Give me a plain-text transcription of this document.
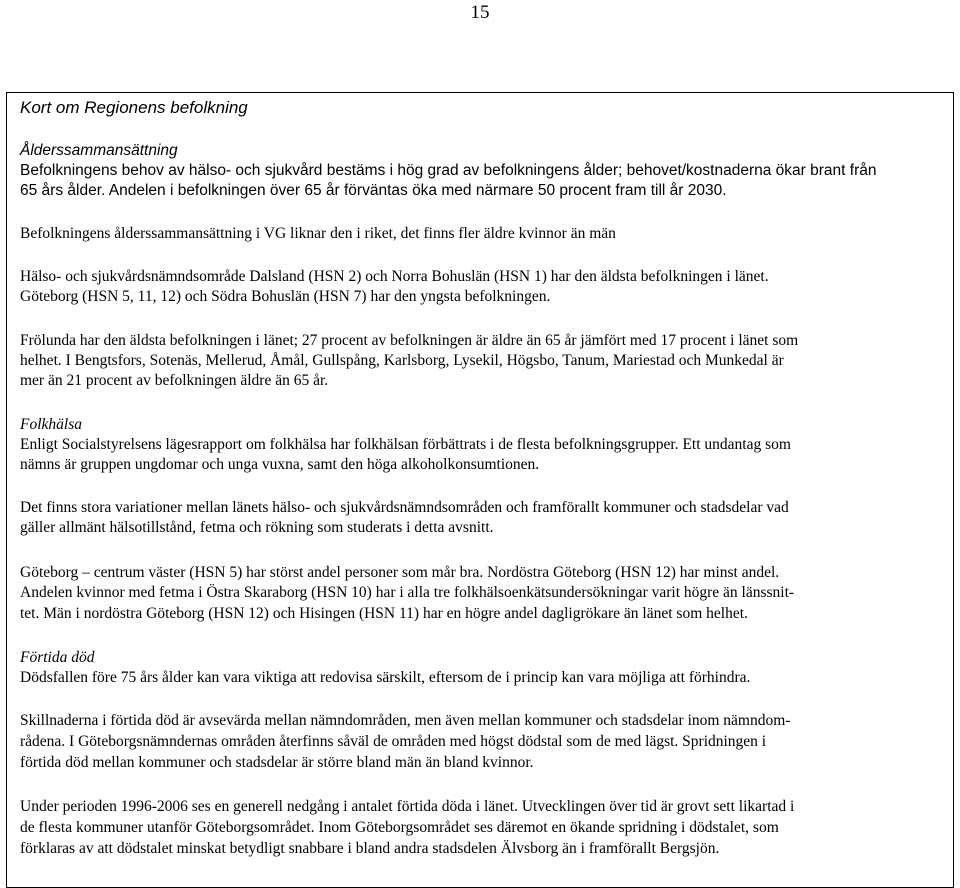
15
Kort om Regionens befolkning
Ålderssammansättning
Befolkningens behov av hälso- och sjukvård bestäms i hög grad av befolkningens ålder; behovet/kostnaderna ökar brant från
65 års ålder. Andelen i befolkningen över 65 år förväntas öka med närmare 50 procent fram till år 2030.
Befolkningens ålderssammansättning i VG liknar den i riket, det finns fler äldre kvinnor än män
Hälso- och sjukvårdsnämndsområde Dalsland (HSN 2) och Norra Bohuslän (HSN 1) har den äldsta befolkningen i länet.
Göteborg (HSN 5, 11, 12) och Södra Bohuslän (HSN 7) har den yngsta befolkningen.
Frölunda har den äldsta befolkningen i länet; 27 procent av befolkningen är äldre än 65 år jämfört med 17 procent i länet som
helhet. I Bengtsfors, Sotenäs, Mellerud, Åmål, Gullspång, Karlsborg, Lysekil, Högsbo, Tanum, Mariestad och Munkedal är
mer än 21 procent av befolkningen äldre än 65 år.
Folkhälsa
Enligt Socialstyrelsens lägesrapport om folkhälsa har folkhälsan förbättrats i de flesta befolkningsgrupper. Ett undantag som
nämns är gruppen ungdomar och unga vuxna, samt den höga alkoholkonsumtionen.
Det finns stora variationer mellan länets hälso- och sjukvårdsnämndsområden och framförallt kommuner och stadsdelar vad
gäller allmänt hälsotillstånd, fetma och rökning som studerats i detta avsnitt.
Göteborg – centrum väster (HSN 5) har störst andel personer som mår bra. Nordöstra Göteborg (HSN 12) har minst andel.
Andelen kvinnor med fetma i Östra Skaraborg (HSN 10) har i alla tre folkhälsoenkätsundersökningar varit högre än länssnit-
tet. Män i nordöstra Göteborg (HSN 12) och Hisingen (HSN 11) har en högre andel dagligrökare än länet som helhet.
Förtida död
Dödsfallen före 75 års ålder kan vara viktiga att redovisa särskilt, eftersom de i princip kan vara möjliga att förhindra.
Skillnaderna i förtida död är avsevärda mellan nämndområden, men även mellan kommuner och stadsdelar inom nämndom-
rådena. I Göteborgsnämndernas områden återfinns såväl de områden med högst dödstal som de med lägst. Spridningen i
förtida död mellan kommuner och stadsdelar är större bland män än bland kvinnor.
Under perioden 1996-2006 ses en generell nedgång i antalet förtida döda i länet. Utvecklingen över tid är grovt sett likartad i
de flesta kommuner utanför Göteborgsområdet. Inom Göteborgsområdet ses däremot en ökande spridning i dödstalet, som
förklaras av att dödstalet minskat betydligt snabbare i bland andra stadsdelen Älvsborg än i framförallt Bergsjön.
